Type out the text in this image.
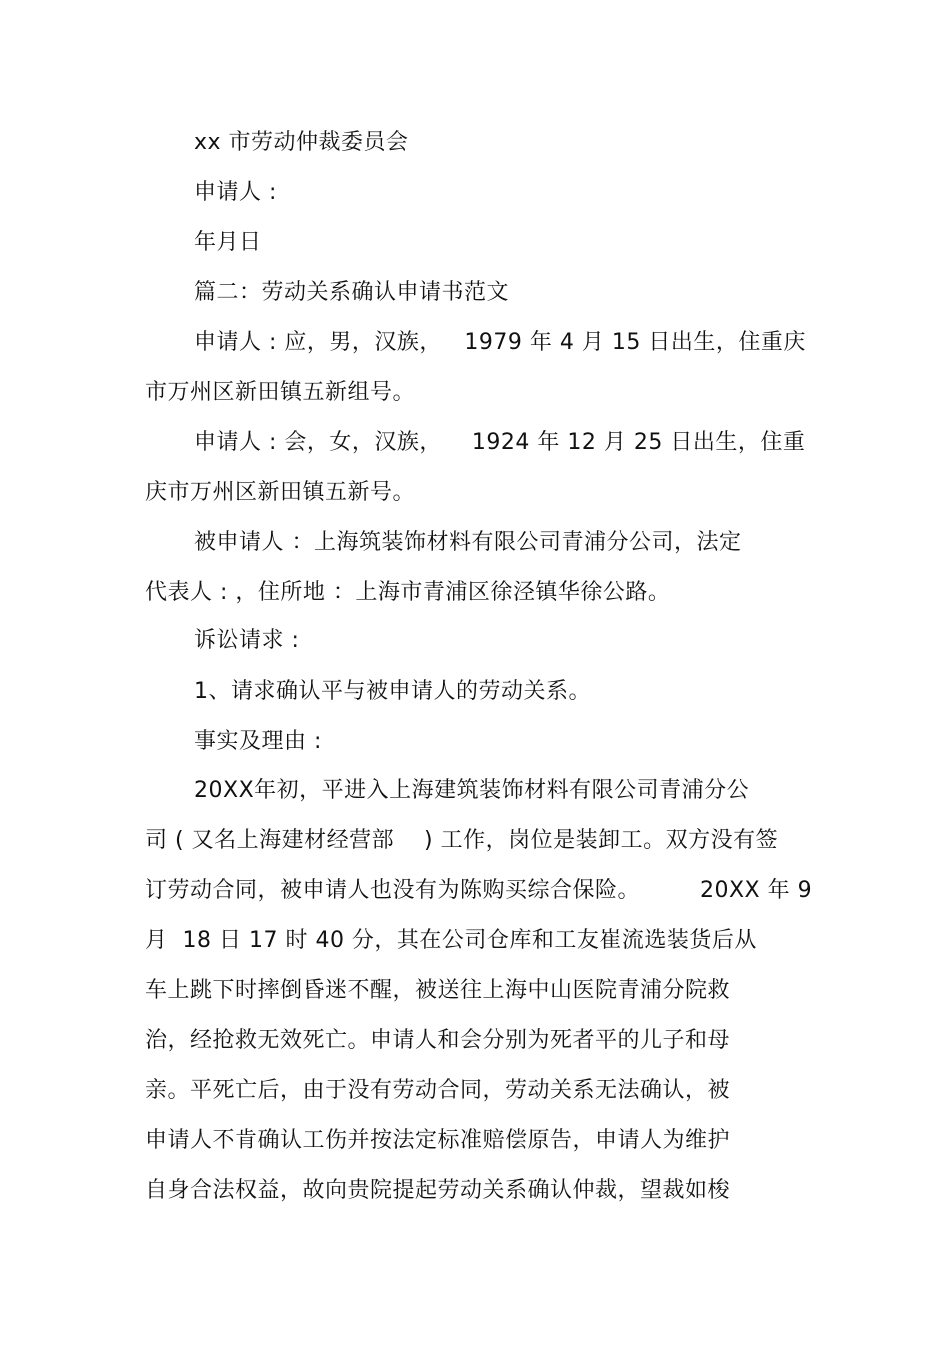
xx 市劳动仲裁委员会
申请人 :
年月日
篇二：劳动关系确认申请书范文
申请人 : 应，男，汉族，   1979 年 4 月 15 日出生，住重庆
市万州区新田镇五新组号。
申请人 : 会，女，汉族，    1924 年 12 月 25 日出生，住重
庆市万州区新田镇五新号。
被申请人 ：上海筑装饰材料有限公司青浦分公司，法定
代表人 : ，住所地 ：上海市青浦区徐泾镇华徐公路。
诉讼请求 :
1、请求确认平与被申请人的劳动关系。
事实及理由 :
20XX年初，平进入上海建筑装饰材料有限公司青浦分公
司 ( 又名上海建材经营部    ) 工作，岗位是装卸工。双方没有签
订劳动合同，被申请人也没有为陈购买综合保险。        20XX 年 9
月  18 日 17 时 40 分，其在公司仓库和工友崔流选装货后从
车上跳下时摔倒昏迷不醒，被送往上海中山医院青浦分院救
治，经抢救无效死亡。申请人和会分别为死者平的儿子和母
亲。平死亡后，由于没有劳动合同，劳动关系无法确认，被
申请人不肯确认工伤并按法定标准赔偿原告，申请人为维护
自身合法权益，故向贵院提起劳动关系确认仲裁，望裁如梭
